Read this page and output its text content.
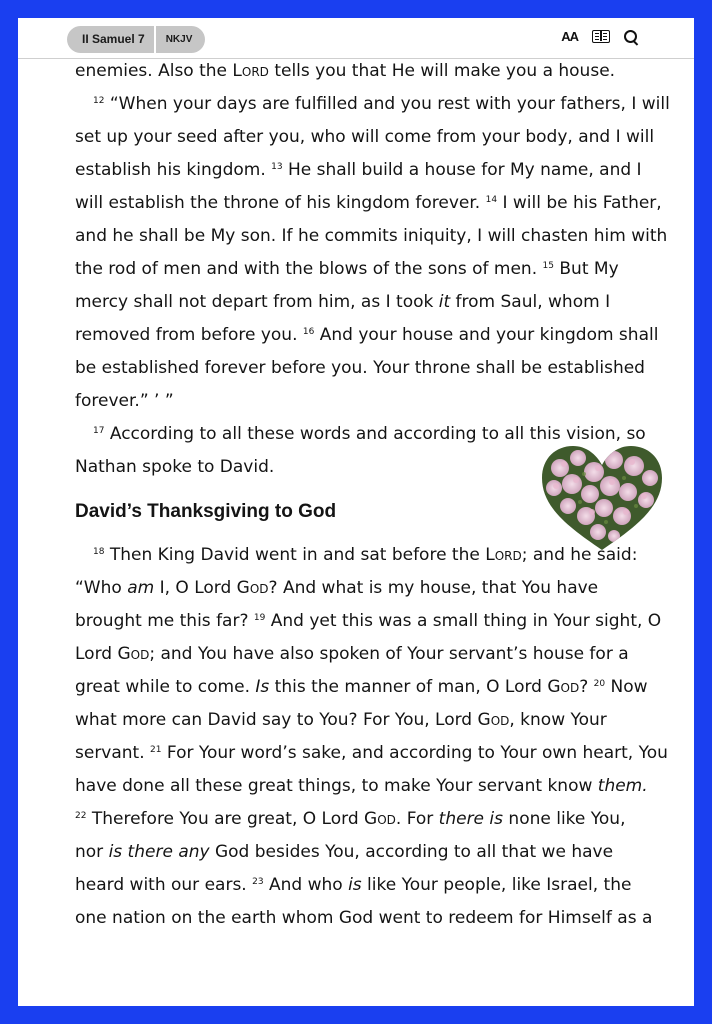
II Samuel 7	NKJV	AA

enemies. Also the Lord tells you that He will make you a house.

$^{12}$ “When your days are fulfilled and you rest with your fathers, I will
set up your seed after you, who will come from your body, and I will
establish his kingdom. $^{13}$ He shall build a house for My name, and I
will establish the throne of his kingdom forever. $^{14}$ I will be his Father,
and he shall be My son. If he commits iniquity, I will chasten him with
the rod of men and with the blows of the sons of men. $^{15}$ But My
mercy shall not depart from him, as I took it from Saul, whom I
removed from before you. $^{16}$ And your house and your kingdom shall
be established forever before you. Your throne shall be established
forever.” ’ ”

$^{17}$ According to all these words and according to all this vision, so
Nathan spoke to David.

David’s Thanksgiving to God

$^{18}$ Then King David went in and sat before the Lord; and he said:
“Who am I, O Lord God? And what is my house, that You have
brought me this far? $^{19}$ And yet this was a small thing in Your sight, O
Lord God; and You have also spoken of Your servant’s house for a
great while to come. Is this the manner of man, O Lord God? $^{20}$ Now
what more can David say to You? For You, Lord God, know Your
servant. $^{21}$ For Your word’s sake, and according to Your own heart, You
have done all these great things, to make Your servant know them.
$^{22}$ Therefore You are great, O Lord God. For there is none like You,
nor is there any God besides You, according to all that we have
heard with our ears. $^{23}$ And who is like Your people, like Israel, the
one nation on the earth whom God went to redeem for Himself as a
